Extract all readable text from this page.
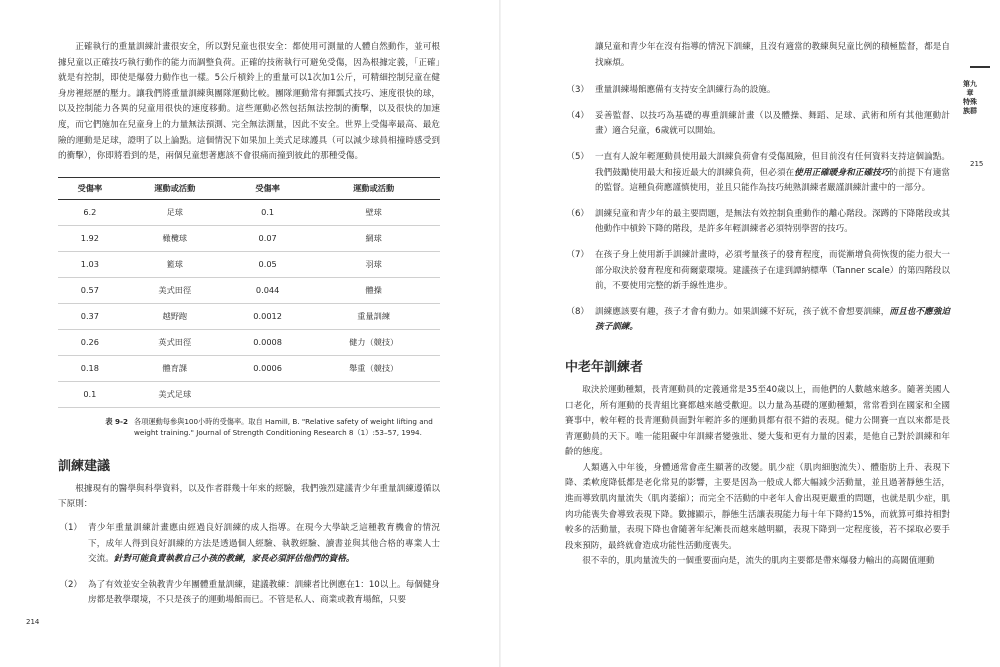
正確執行的重量訓練計畫很安全，所以對兒童也很安全：都使用可測量的人體自然動作，並可根據兒童以正確技巧執行動作的能力而調整負荷。正確的技術執行可避免受傷，因為根據定義，「正確」就是有控制，即使是爆發力動作也一樣。5公斤槓鈴上的重量可以1次加1公斤，可精細控制兒童在健身房裡經歷的壓力。讓我們將重量訓練與團隊運動比較。團隊運動常有揮瓢式技巧、速度很快的球，以及控制能力各異的兒童用很快的速度移動。這些運動必然包括無法控制的衝擊，以及很快的加速度，而它們施加在兒童身上的力量無法預測、完全無法測量，因此不安全。世界上受傷率最高、最危險的運動是足球，證明了以上論點。這個情況下如果加上美式足球護具（可以減少球員相撞時感受到的衝擊），你即將看到的是，兩個兒童想著應該不會很痛而撞到彼此的那種受傷。

受傷率	運動或活動	受傷率	運動或活動
6.2	足球	0.1	壁球
1.92	橄欖球	0.07	網球
1.03	籃球	0.05	羽球
0.57	美式田徑	0.044	體操
0.37	越野跑	0.0012	重量訓練
0.26	英式田徑	0.0008	健力（競技）
0.18	體育課	0.0006	舉重（競技）
0.1	美式足球		
表 9-2 各項運動每參與100小時的受傷率。取自 Hamill, B. "Relative safety of weight lifting and weight training." Journal of Strength Conditioning Research 8（1）:53–57, 1994.
訓練建議

根據現有的醫學與科學資料，以及作者群幾十年來的經驗，我們強烈建議青少年重量訓練遵循以下原則：

（1） 青少年重量訓練計畫應由經過良好訓練的成人指導。在現今大學缺乏這種教育機會的情況下，成年人得到良好訓練的方法是透過個人經驗、執教經驗、讀書並與其他合格的專業人士交流。針對可能負責執教自己小孩的教練，家長必須評估他們的資格。
（2） 為了有效並安全執教青少年團體重量訓練，建議教練：訓練者比例應在1：10以上。每個健身房都是教學環境，不只是孩子的運動場館而已。不管是私人、商業或教育場館，只要
214

讓兒童和青少年在沒有指導的情況下訓練，且沒有適當的教練與兒童比例的積極監督，都是自找麻煩。

（3） 重量訓練場館應備有支持安全訓練行為的設施。
（4） 妥善監督、以技巧為基礎的專重訓練計畫（以及體操、舞蹈、足球、武術和所有其他運動計畫）適合兒童，6歲就可以開始。
（5） 一直有人說年輕運動員使用最大訓練負荷會有受傷風險，但目前沒有任何資料支持這個論點。我們鼓勵使用最大和接近最大的訓練負荷，但必須在使用正確暖身和正確技巧的前提下有適當的監督。這種負荷應謹慎使用，並且只能作為技巧純熟訓練者嚴謹訓練計畫中的一部分。
（6） 訓練兒童和青少年的最主要問題，是無法有效控制負重動作的離心階段。深蹲的下降階段或其他動作中槓鈴下降的階段，是許多年輕訓練者必須特別學習的技巧。
（7） 在孩子身上使用新手訓練計畫時，必須考量孩子的發育程度，而從漸增負荷恢復的能力很大一部分取決於發育程度和荷爾蒙環境。建議孩子在達到譚納標準（Tanner scale）的第四階段以前，不要使用完整的新手線性進步。
（8） 訓練應該要有趣，孩子才會有動力。如果訓練不好玩，孩子就不會想要訓練，而且也不應強迫孩子訓練。
中老年訓練者

取決於運動種類，長青運動員的定義通常是35至40歲以上，而他們的人數越來越多。隨著美國人口老化，所有運動的長青組比賽都越來越受歡迎。以力量為基礎的運動種類，常常看到在國家和全國賽事中，較年輕的長青運動員面對年輕許多的運動員都有很不錯的表現。健力公開賽一直以來都是長青運動員的天下。唯一能阻礙中年訓練者變強壯、變大隻和更有力量的因素，是他自己對於訓練和年齡的態度。

人類邁入中年後，身體通常會產生顯著的改變。肌少症（肌肉細胞流失）、體脂肪上升、表現下降、柔軟度降低都是老化常見的影響，主要是因為一般成人都大幅減少活動量，並且過著靜態生活，進而導致肌肉量流失（肌肉萎縮）；而完全不活動的中老年人會出現更嚴重的問題，也就是肌少症，肌肉功能喪失會導致表現下降。數據顯示，靜態生活讓表現能力每十年下降約15%，而就算可維持相對較多的活動量，表現下降也會隨著年紀漸長而越來越明顯，表現下降到一定程度後，若不採取必要手段來預防，最終就會造成功能性活動度喪失。

很不幸的，肌肉量流失的一個重要面向是，流失的肌肉主要都是帶來爆發力輸出的高閾值運動

第九章 特殊族群
215
